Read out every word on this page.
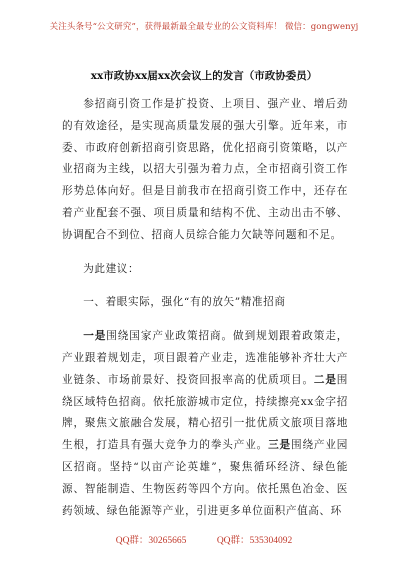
关注头条号“公文研究”，获得最新最全最专业的公文资料库！ 微信：gongwenyj
xx市政协xx届xx次会议上的发言（市政协委员）

参招商引资工作是扩投资、上项目、强产业、增后劲的有效途径，是实现高质量发展的强大引擎。近年来，市委、市政府创新招商引资思路，优化招商引资策略，以产业招商为主线，以招大引强为着力点，全市招商引资工作形势总体向好。但是目前我市在招商引资工作中，还存在着产业配套不强、项目质量和结构不优、主动出击不够、协调配合不到位、招商人员综合能力欠缺等问题和不足。

为此建议：

一、着眼实际，强化“有的放矢”精准招商

一是围绕国家产业政策招商。做到规划跟着政策走，产业跟着规划走，项目跟着产业走，选准能够补齐壮大产业链条、市场前景好、投资回报率高的优质项目。二是围绕区域特色招商。依托旅游城市定位，持续擦亮xx金字招牌，聚焦文旅融合发展，精心招引一批优质文旅项目落地生根，打造具有强大竞争力的拳头产业。三是围绕产业园区招商。坚持“以亩产论英雄”，聚焦循环经济、绿色能源、智能制造、生物医药等四个方向。依托黑色冶金、医药领域、绿色能源等产业，引进更多单位面积产值高、环

QQ群：30265665	QQ群：535304092
